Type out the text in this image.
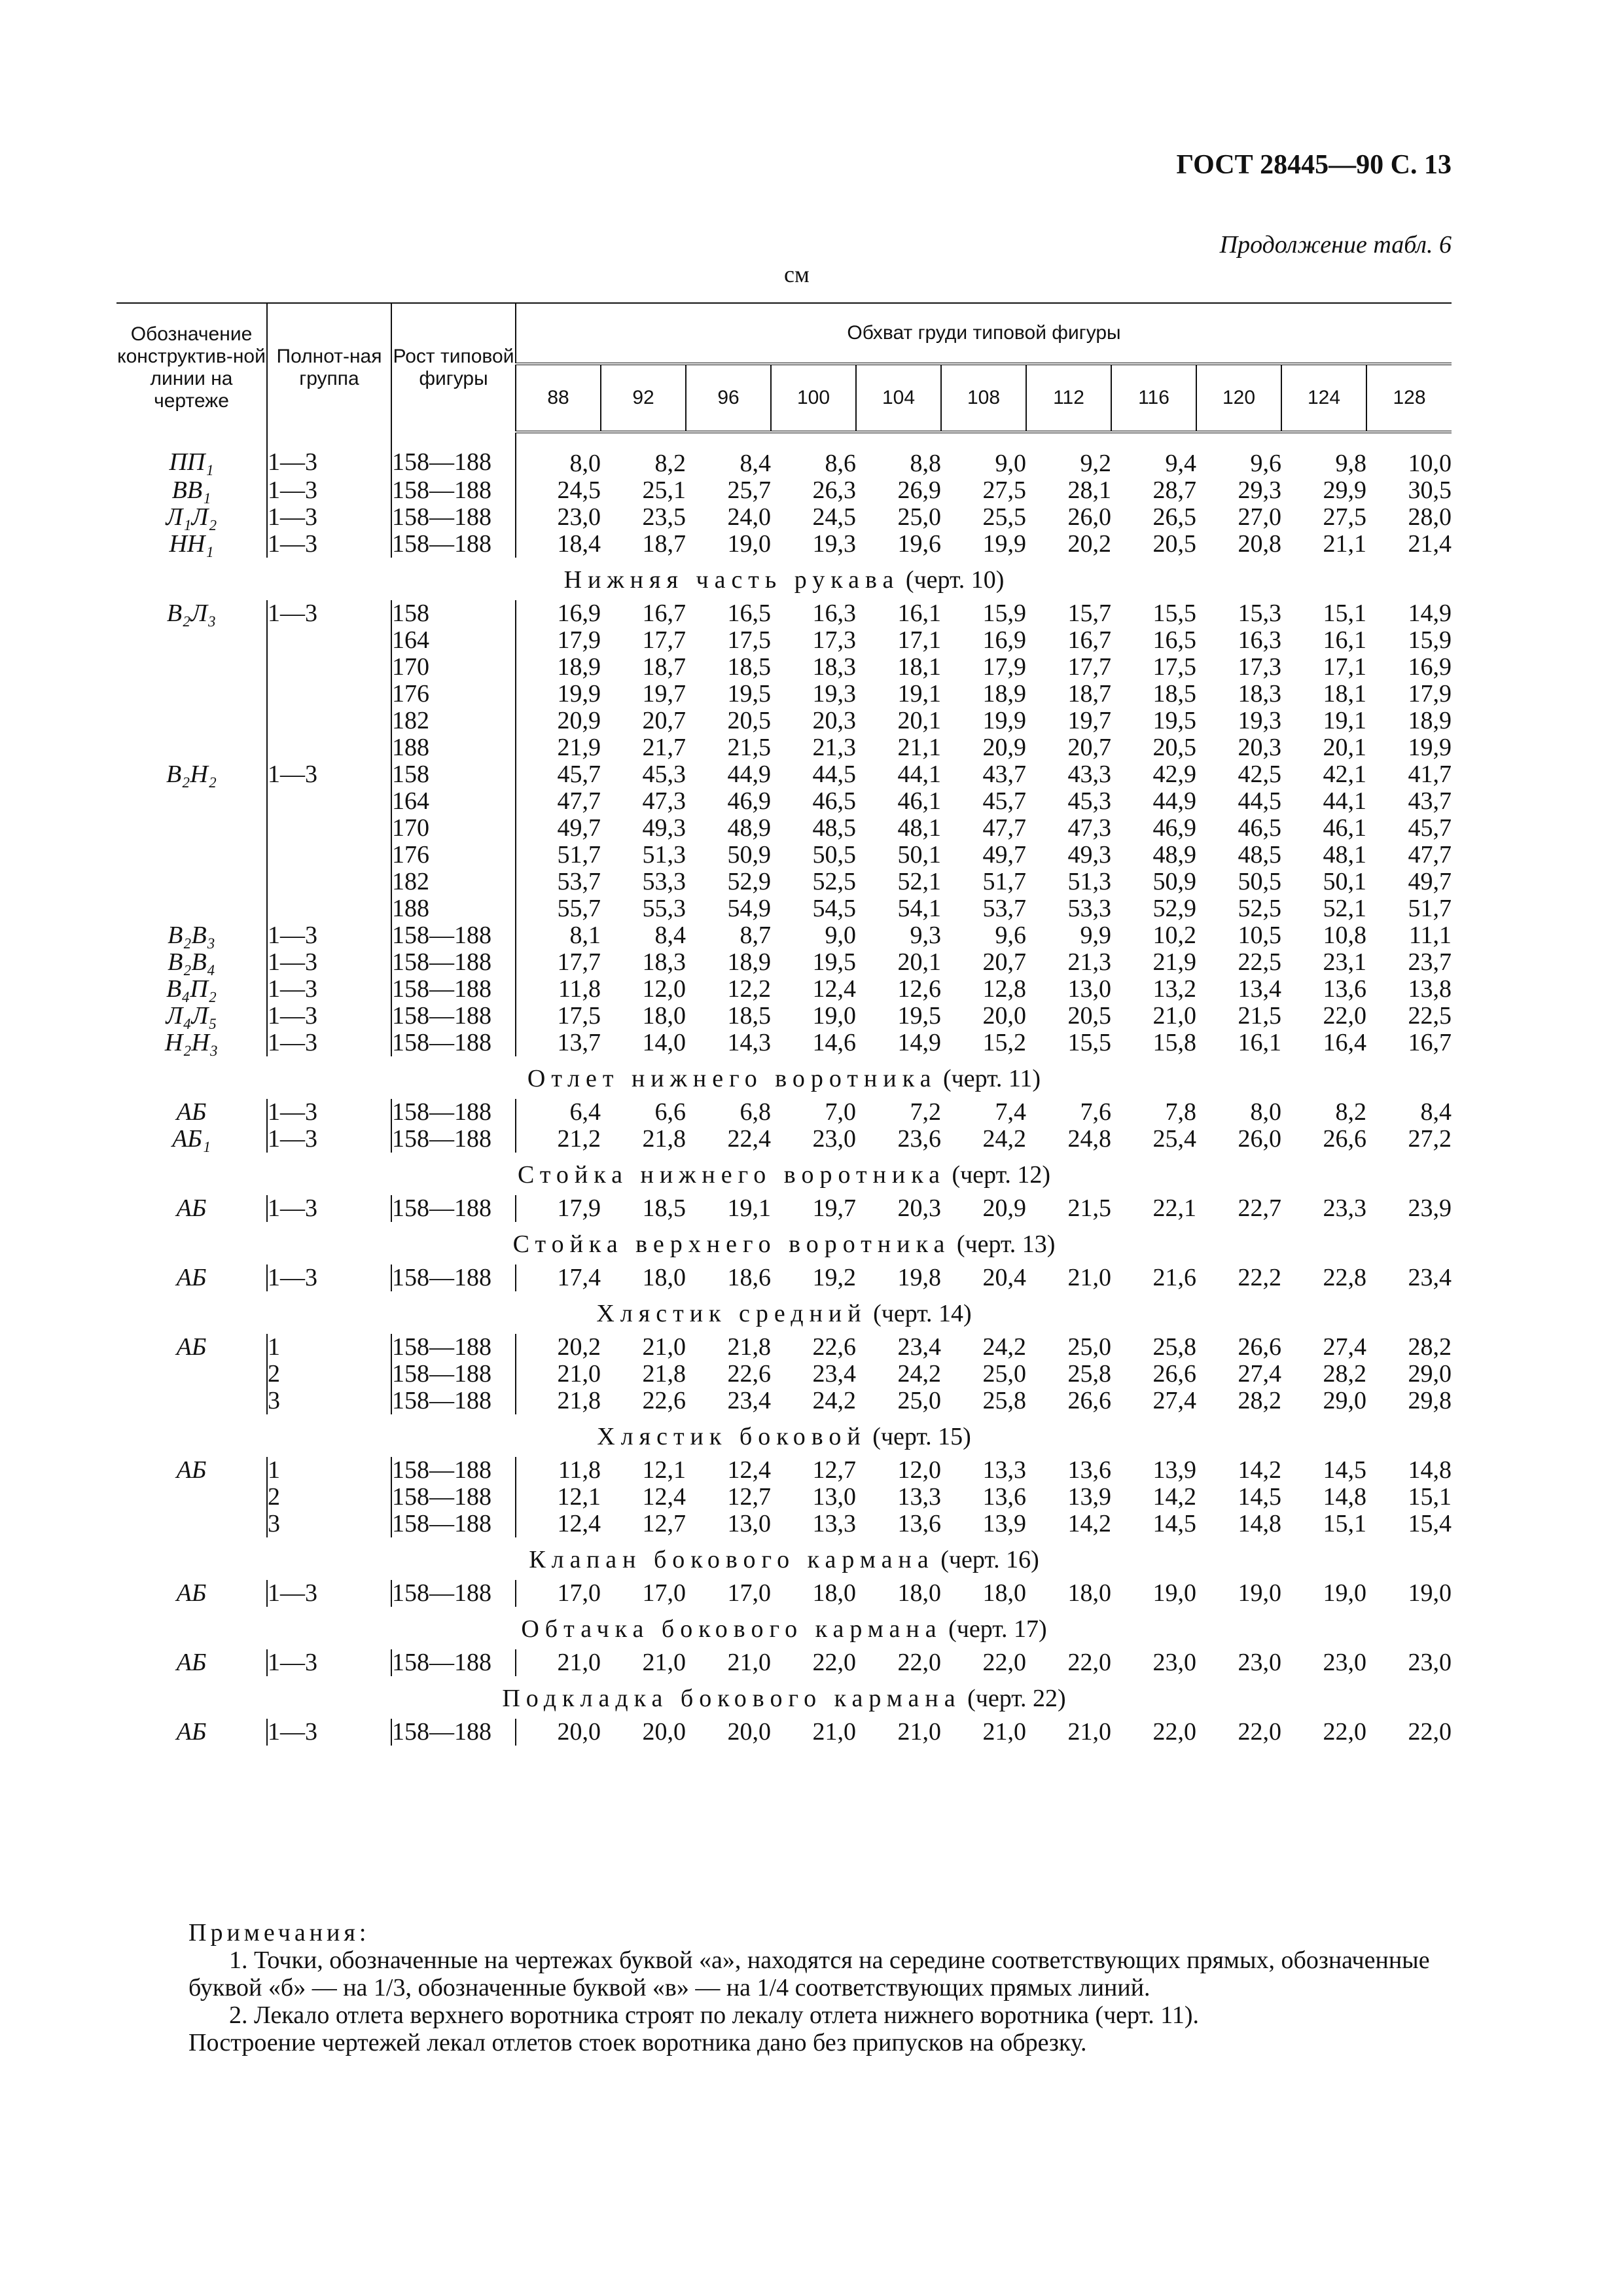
ГОСТ 28445—90 С. 13
Продолжение табл. 6
см
Обозначение конструктив-ной линии на чертеже	Полнот-ная группа	Рост типовой фигуры	Обхват груди типовой фигуры										
			88	92	96	100	104	108	112	116	120	124	128
ПП₁	1—3	158—188	8,0	8,2	8,4	8,6	8,8	9,0	9,2	9,4	9,6	9,8	10,0
ВВ₁	1—3	158—188	24,5	25,1	25,7	26,3	26,9	27,5	28,1	28,7	29,3	29,9	30,5
Л₁Л₂	1—3	158—188	23,0	23,5	24,0	24,5	25,0	25,5	26,0	26,5	27,0	27,5	28,0
НН₁	1—3	158—188	18,4	18,7	19,0	19,3	19,6	19,9	20,2	20,5	20,8	21,1	21,4
Нижняя часть рукава (черт. 10)													
В₂Л₃	1—3	158	16,9	16,7	16,5	16,3	16,1	15,9	15,7	15,5	15,3	15,1	14,9
		164	17,9	17,7	17,5	17,3	17,1	16,9	16,7	16,5	16,3	16,1	15,9
		170	18,9	18,7	18,5	18,3	18,1	17,9	17,7	17,5	17,3	17,1	16,9
		176	19,9	19,7	19,5	19,3	19,1	18,9	18,7	18,5	18,3	18,1	17,9
		182	20,9	20,7	20,5	20,3	20,1	19,9	19,7	19,5	19,3	19,1	18,9
		188	21,9	21,7	21,5	21,3	21,1	20,9	20,7	20,5	20,3	20,1	19,9
В₂Н₂	1—3	158	45,7	45,3	44,9	44,5	44,1	43,7	43,3	42,9	42,5	42,1	41,7
		164	47,7	47,3	46,9	46,5	46,1	45,7	45,3	44,9	44,5	44,1	43,7
		170	49,7	49,3	48,9	48,5	48,1	47,7	47,3	46,9	46,5	46,1	45,7
		176	51,7	51,3	50,9	50,5	50,1	49,7	49,3	48,9	48,5	48,1	47,7
		182	53,7	53,3	52,9	52,5	52,1	51,7	51,3	50,9	50,5	50,1	49,7
		188	55,7	55,3	54,9	54,5	54,1	53,7	53,3	52,9	52,5	52,1	51,7
В₂В₃	1—3	158—188	8,1	8,4	8,7	9,0	9,3	9,6	9,9	10,2	10,5	10,8	11,1
В₂В₄	1—3	158—188	17,7	18,3	18,9	19,5	20,1	20,7	21,3	21,9	22,5	23,1	23,7
В₄П₂	1—3	158—188	11,8	12,0	12,2	12,4	12,6	12,8	13,0	13,2	13,4	13,6	13,8
Л₄Л₅	1—3	158—188	17,5	18,0	18,5	19,0	19,5	20,0	20,5	21,0	21,5	22,0	22,5
Н₂Н₃	1—3	158—188	13,7	14,0	14,3	14,6	14,9	15,2	15,5	15,8	16,1	16,4	16,7
Отлет нижнего воротника (черт. 11)													
АБ	1—3	158—188	6,4	6,6	6,8	7,0	7,2	7,4	7,6	7,8	8,0	8,2	8,4
АБ₁	1—3	158—188	21,2	21,8	22,4	23,0	23,6	24,2	24,8	25,4	26,0	26,6	27,2
Стойка нижнего воротника (черт. 12)													
АБ	1—3	158—188	17,9	18,5	19,1	19,7	20,3	20,9	21,5	22,1	22,7	23,3	23,9
Стойка верхнего воротника (черт. 13)													
АБ	1—3	158—188	17,4	18,0	18,6	19,2	19,8	20,4	21,0	21,6	22,2	22,8	23,4
Хлястик средний (черт. 14)													
АБ	1	158—188	20,2	21,0	21,8	22,6	23,4	24,2	25,0	25,8	26,6	27,4	28,2
	2	158—188	21,0	21,8	22,6	23,4	24,2	25,0	25,8	26,6	27,4	28,2	29,0
	3	158—188	21,8	22,6	23,4	24,2	25,0	25,8	26,6	27,4	28,2	29,0	29,8
Хлястик боковой (черт. 15)													
АБ	1	158—188	11,8	12,1	12,4	12,7	12,0	13,3	13,6	13,9	14,2	14,5	14,8
	2	158—188	12,1	12,4	12,7	13,0	13,3	13,6	13,9	14,2	14,5	14,8	15,1
	3	158—188	12,4	12,7	13,0	13,3	13,6	13,9	14,2	14,5	14,8	15,1	15,4
Клапан бокового кармана (черт. 16)													
АБ	1—3	158—188	17,0	17,0	17,0	18,0	18,0	18,0	18,0	19,0	19,0	19,0	19,0
Обтачка бокового кармана (черт. 17)													
АБ	1—3	158—188	21,0	21,0	21,0	22,0	22,0	22,0	22,0	23,0	23,0	23,0	23,0
Подкладка бокового кармана (черт. 22)													
АБ	1—3	158—188	20,0	20,0	20,0	21,0	21,0	21,0	21,0	22,0	22,0	22,0	22,0

Примечания:

1. Точки, обозначенные на чертежах буквой «а», находятся на середине соответствующих прямых, обозначенные буквой «б» — на 1/3, обозначенные буквой «в» — на 1/4 соответствующих прямых линий.

2. Лекало отлета верхнего воротника строят по лекалу отлета нижнего воротника (черт. 11).

Построение чертежей лекал отлетов стоек воротника дано без припусков на обрезку.
